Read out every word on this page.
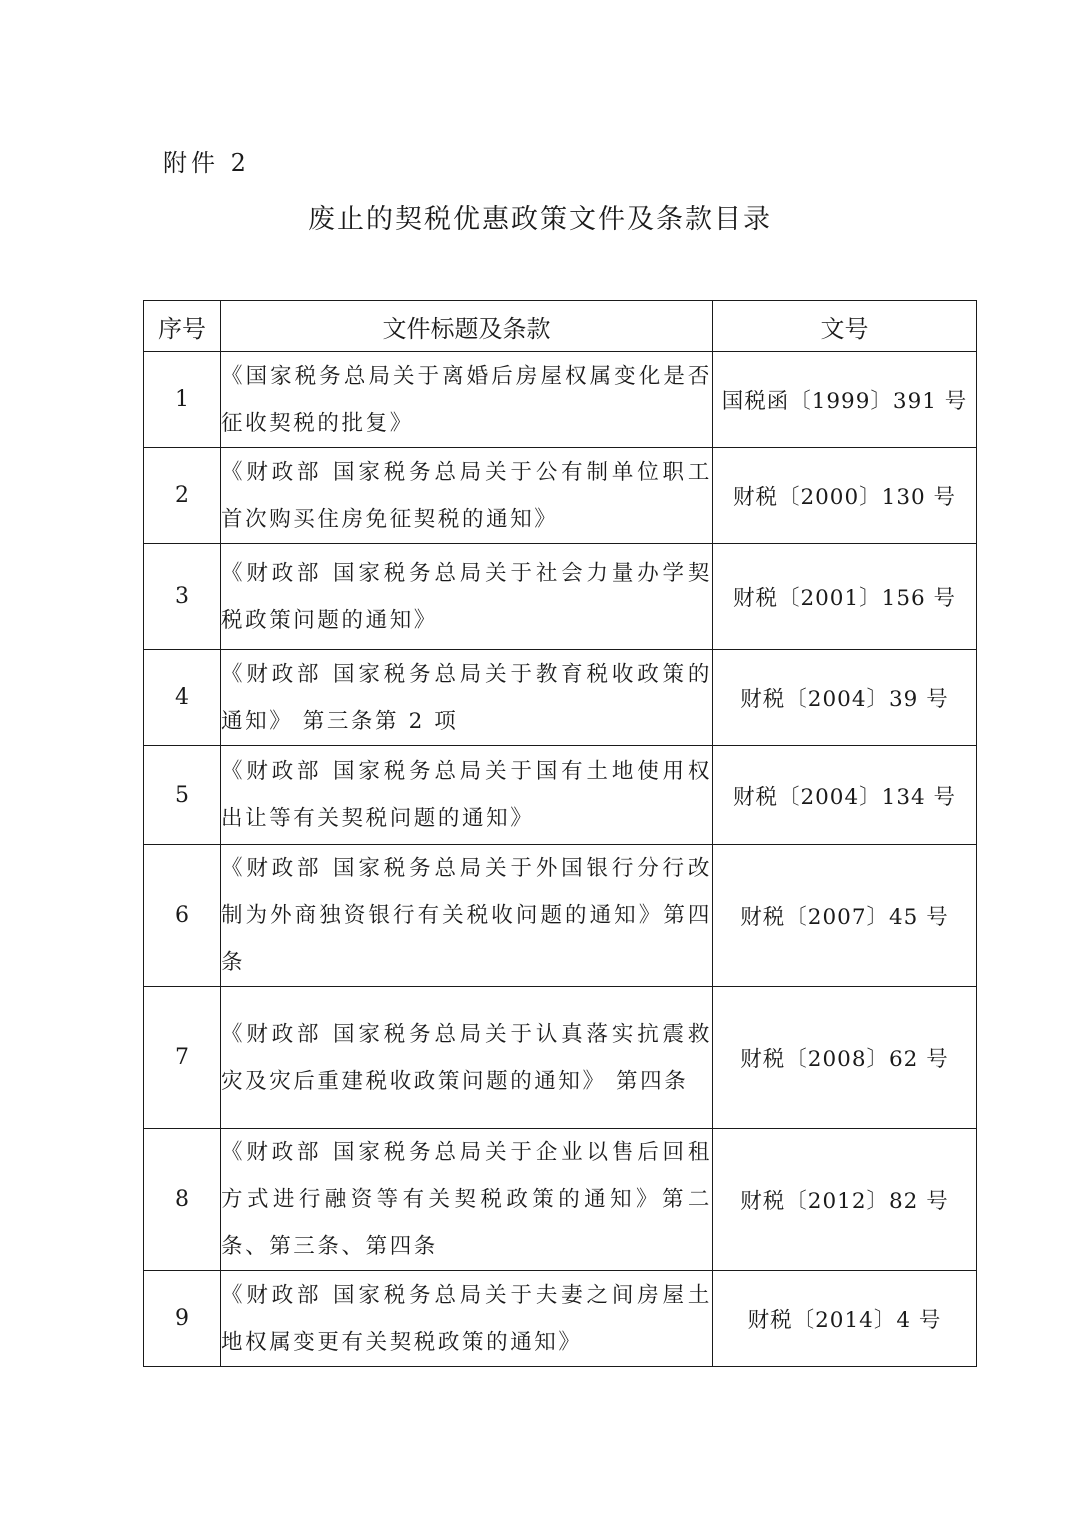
附件 2
废止的契税优惠政策文件及条款目录
序号	文件标题及条款	文号
1	《国家税务总局关于离婚后房屋权属变化是否征收契税的批复》	国税函〔1999〕391 号
2	《财政部 国家税务总局关于公有制单位职工首次购买住房免征契税的通知》	财税〔2000〕130 号
3	《财政部 国家税务总局关于社会力量办学契税政策问题的通知》	财税〔2001〕156 号
4	《财政部 国家税务总局关于教育税收政策的通知》 第三条第 2 项	财税〔2004〕39 号
5	《财政部 国家税务总局关于国有土地使用权出让等有关契税问题的通知》	财税〔2004〕134 号
6	《财政部 国家税务总局关于外国银行分行改制为外商独资银行有关税收问题的通知》第四条	财税〔2007〕45 号
7	《财政部 国家税务总局关于认真落实抗震救灾及灾后重建税收政策问题的通知》 第四条	财税〔2008〕62 号
8	《财政部 国家税务总局关于企业以售后回租方式进行融资等有关契税政策的通知》第二条、第三条、第四条	财税〔2012〕82 号
9	《财政部 国家税务总局关于夫妻之间房屋土地权属变更有关契税政策的通知》	财税〔2014〕4 号
